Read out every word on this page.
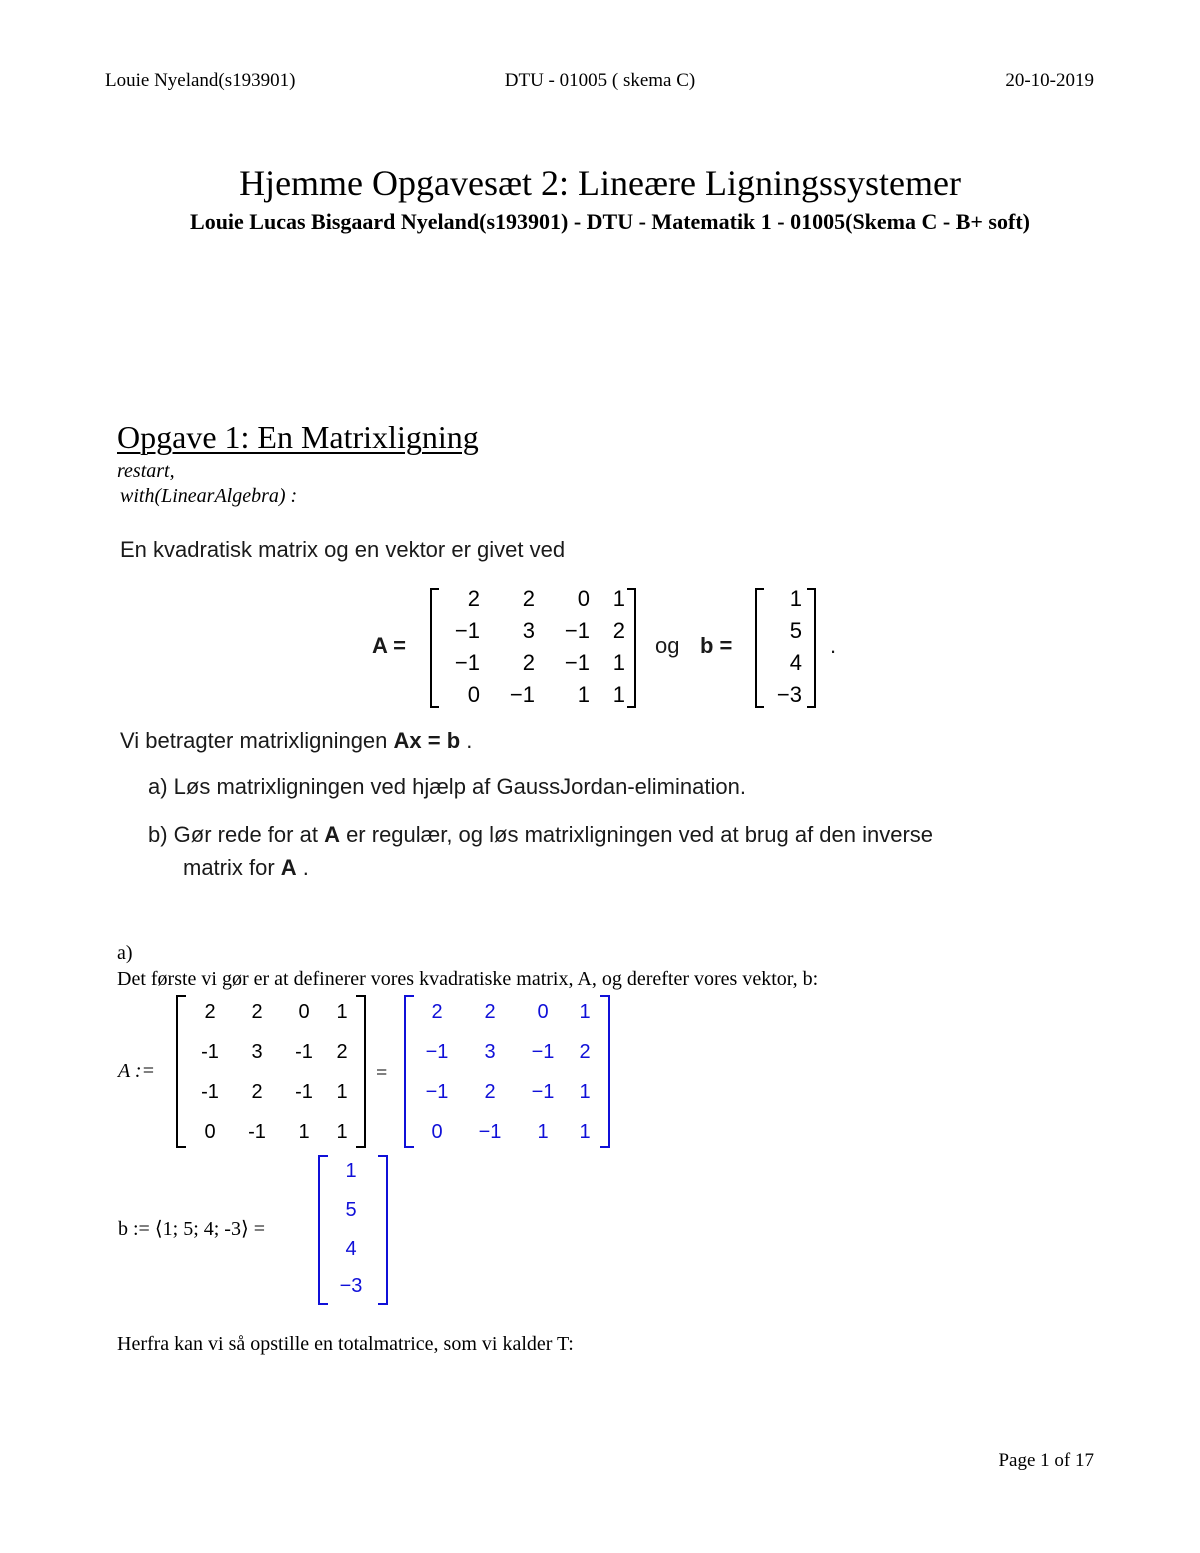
Louie Nyeland(s193901)	DTU - 01005 ( skema C)	20-10-2019
Hjemme Opgavesæt 2: Lineære Ligningssystemer
Louie Lucas Bisgaard Nyeland(s193901) - DTU - Matematik 1 - 01005(Skema C - B+ soft)
Opgave 1: En Matrixligning
restart,
with(LinearAlgebra) :
En kvadratisk matrix og en vektor er givet ved
A =
2	2	0	1
−1	3	−1	2
−1	2	−1	1
0	−1	1	1
og b =
1
5
4
−3
.
Vi betragter matrixligningen Ax = b .
a) Løs matrixligningen ved hjælp af GaussJordan-elimination.
b) Gør rede for at A er regulær, og løs matrixligningen ved at brug af den inverse
matrix for A .
a)
Det første vi gør er at definerer vores kvadratiske matrix, A, og derefter vores vektor, b:
A :=
2	2	0	1
-1	3	-1	2
-1	2	-1	1
0	-1	1	1
=
2	2	0	1
−1	3	−1	2
−1	2	−1	1
0	−1	1	1
b := ⟨1; 5; 4; -3⟩ =
1
5
4
−3
Herfra kan vi så opstille en totalmatrice, som vi kalder T:
Page 1 of 17
